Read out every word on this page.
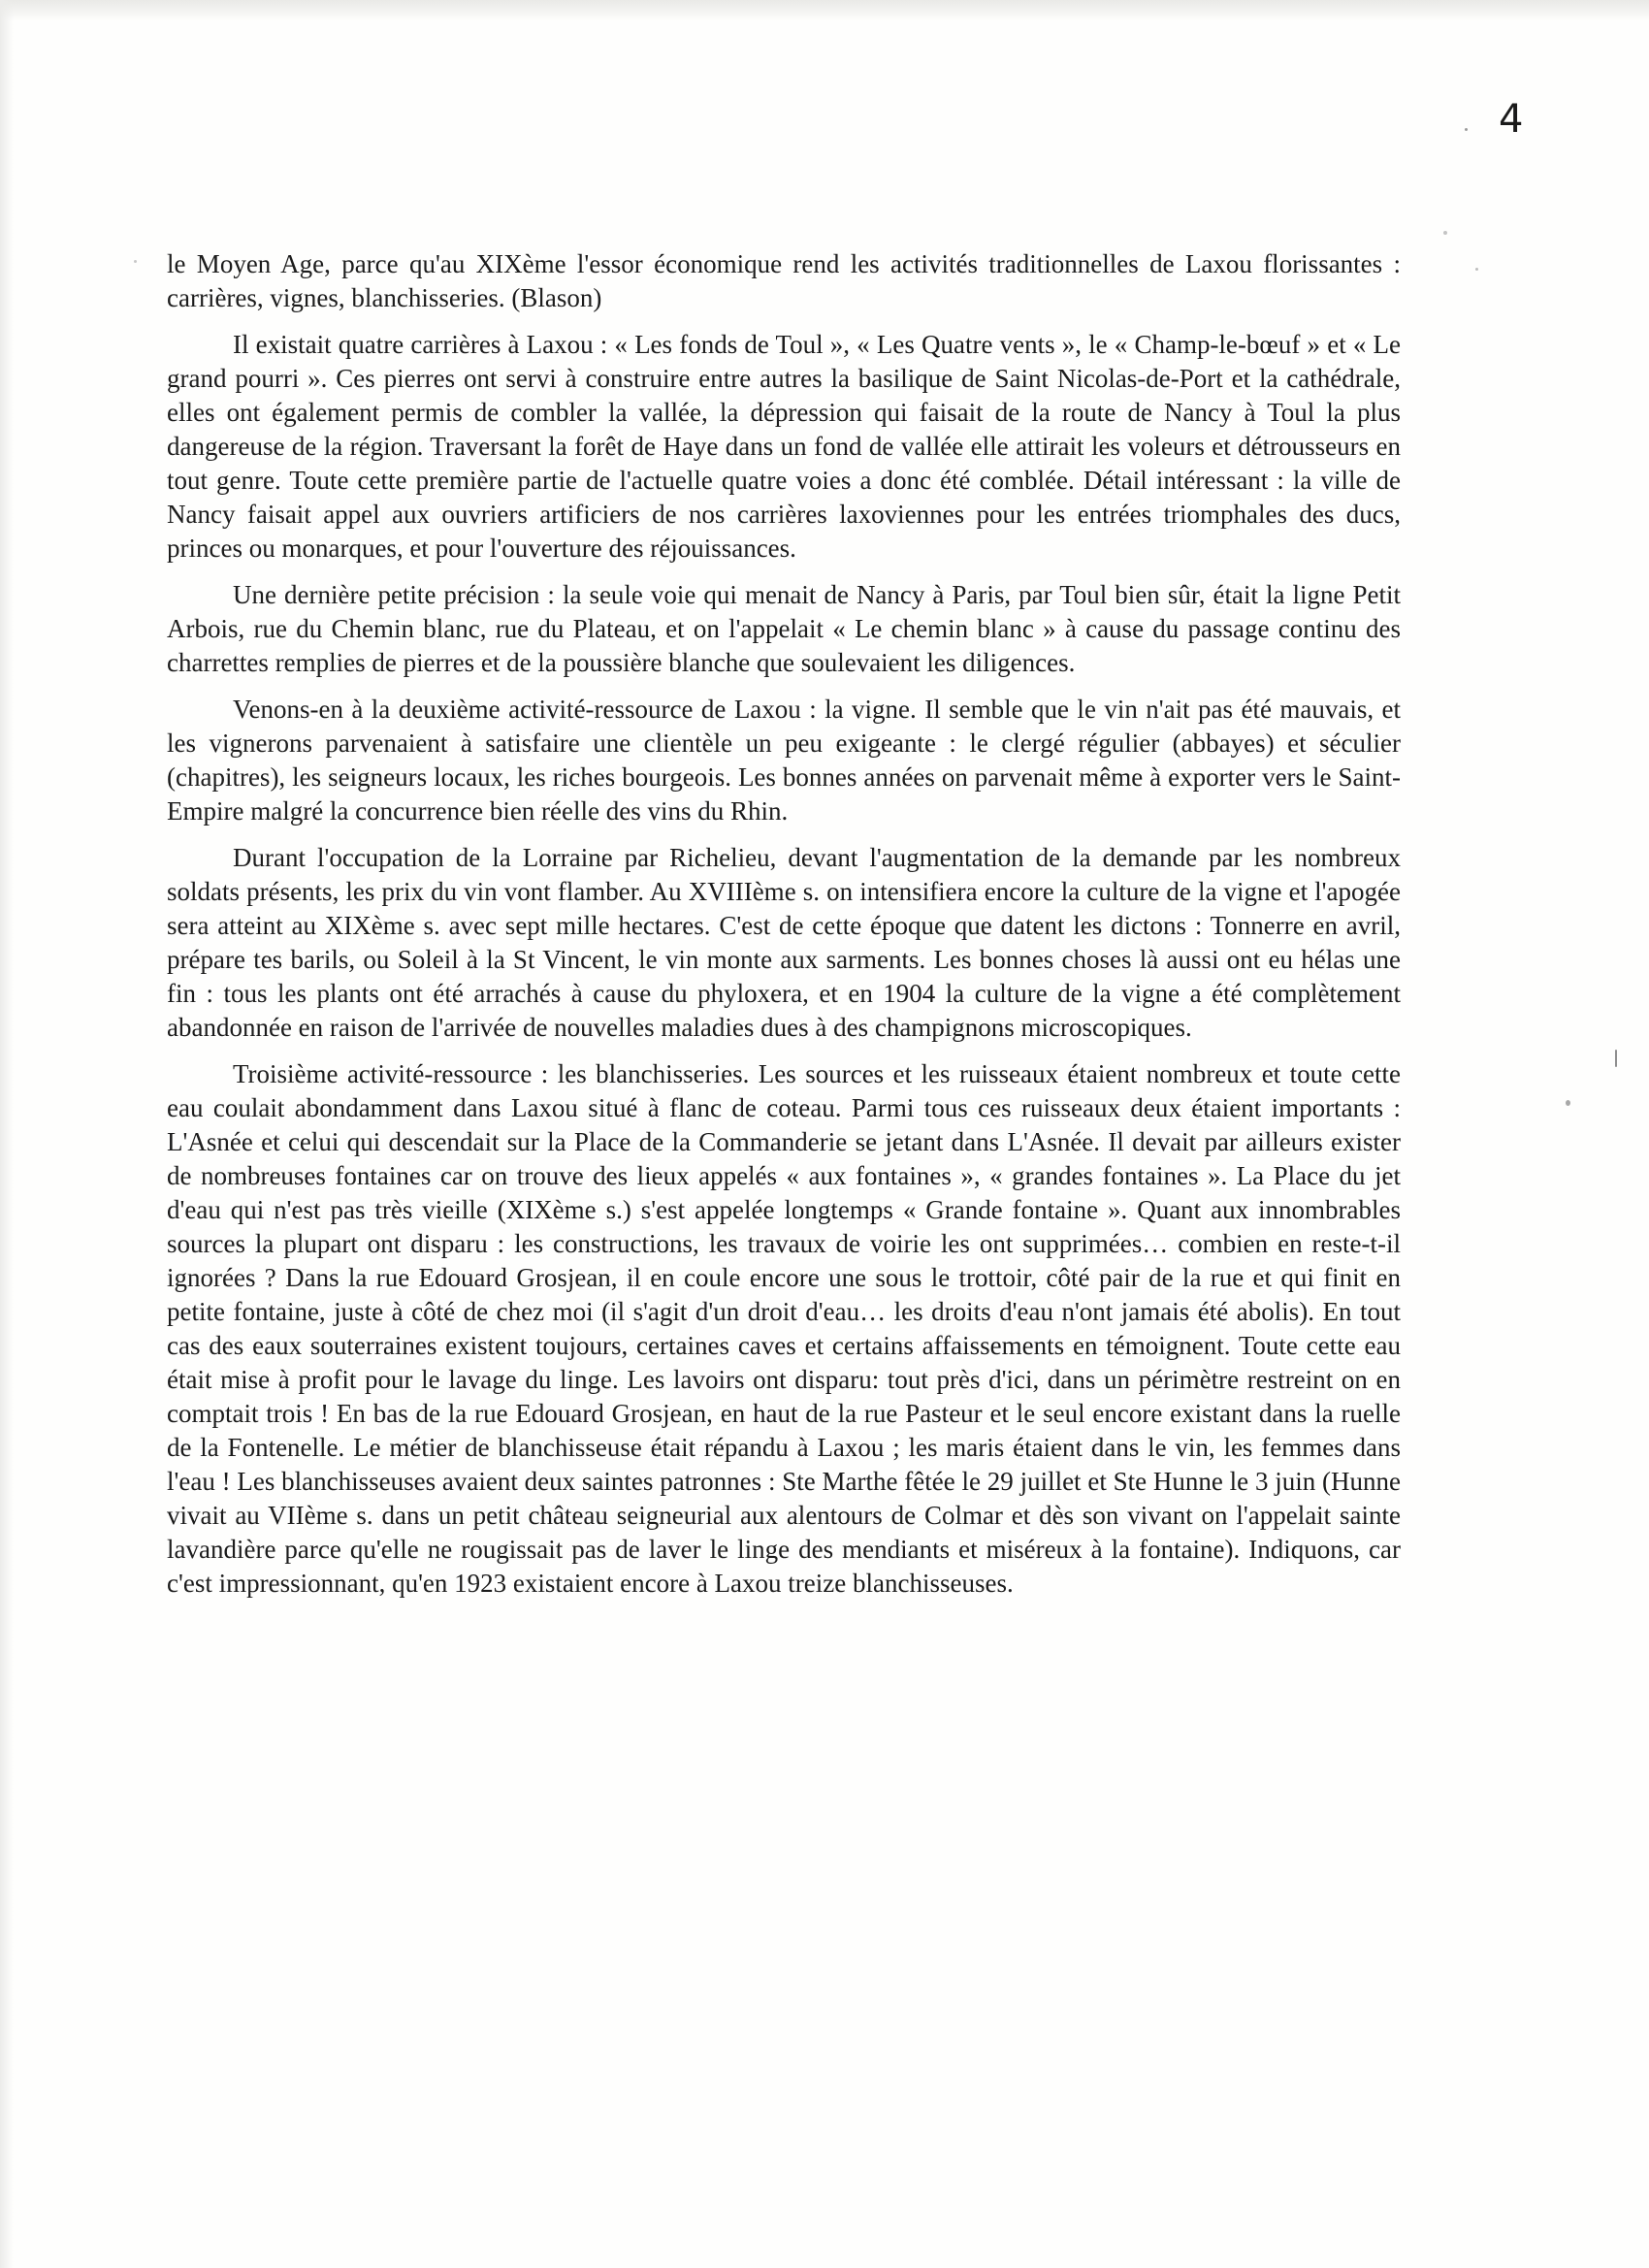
4

le Moyen Age, parce qu'au XIXème l'essor économique rend les activités traditionnelles de Laxou florissantes : carrières, vignes, blanchisseries. (Blason)

Il existait quatre carrières à Laxou : « Les fonds de Toul », « Les Quatre vents », le « Champ-le-bœuf » et « Le grand pourri ». Ces pierres ont servi à construire entre autres la basilique de Saint Nicolas-de-Port et la cathédrale, elles ont également permis de combler la vallée, la dépression qui faisait de la route de Nancy à Toul la plus dangereuse de la région. Traversant la forêt de Haye dans un fond de vallée elle attirait les voleurs et détrousseurs en tout genre. Toute cette première partie de l'actuelle quatre voies a donc été comblée. Détail intéressant : la ville de Nancy faisait appel aux ouvriers artificiers de nos carrières laxoviennes pour les entrées triomphales des ducs, princes ou monarques, et pour l'ouverture des réjouissances.

Une dernière petite précision : la seule voie qui menait de Nancy à Paris, par Toul bien sûr, était la ligne Petit Arbois, rue du Chemin blanc, rue du Plateau, et on l'appelait « Le chemin blanc » à cause du passage continu des charrettes remplies de pierres et de la poussière blanche que soulevaient les diligences.

Venons-en à la deuxième activité-ressource de Laxou : la vigne. Il semble que le vin n'ait pas été mauvais, et les vignerons parvenaient à satisfaire une clientèle un peu exigeante : le clergé régulier (abbayes) et séculier (chapitres), les seigneurs locaux, les riches bourgeois. Les bonnes années on parvenait même à exporter vers le Saint-Empire malgré la concurrence bien réelle des vins du Rhin.

Durant l'occupation de la Lorraine par Richelieu, devant l'augmentation de la demande par les nombreux soldats présents, les prix du vin vont flamber. Au XVIIIème s. on intensifiera encore la culture de la vigne et l'apogée sera atteint au XIXème s. avec sept mille hectares. C'est de cette époque que datent les dictons : Tonnerre en avril, prépare tes barils, ou Soleil à la St Vincent, le vin monte aux sarments. Les bonnes choses là aussi ont eu hélas une fin : tous les plants ont été arrachés à cause du phyloxera, et en 1904 la culture de la vigne a été complètement abandonnée en raison de l'arrivée de nouvelles maladies dues à des champignons microscopiques.

Troisième activité-ressource : les blanchisseries. Les sources et les ruisseaux étaient nombreux et toute cette eau coulait abondamment dans Laxou situé à flanc de coteau. Parmi tous ces ruisseaux deux étaient importants : L'Asnée et celui qui descendait sur la Place de la Commanderie se jetant dans L'Asnée. Il devait par ailleurs exister de nombreuses fontaines car on trouve des lieux appelés « aux fontaines », « grandes fontaines ». La Place du jet d'eau qui n'est pas très vieille (XIXème s.) s'est appelée longtemps « Grande fontaine ». Quant aux innombrables sources la plupart ont disparu : les constructions, les travaux de voirie les ont supprimées… combien en reste-t-il ignorées ? Dans la rue Edouard Grosjean, il en coule encore une sous le trottoir, côté pair de la rue et qui finit en petite fontaine, juste à côté de chez moi (il s'agit d'un droit d'eau… les droits d'eau n'ont jamais été abolis). En tout cas des eaux souterraines existent toujours, certaines caves et certains affaissements en témoignent. Toute cette eau était mise à profit pour le lavage du linge. Les lavoirs ont disparu: tout près d'ici, dans un périmètre restreint on en comptait trois ! En bas de la rue Edouard Grosjean, en haut de la rue Pasteur et le seul encore existant dans la ruelle de la Fontenelle. Le métier de blanchisseuse était répandu à Laxou ; les maris étaient dans le vin, les femmes dans l'eau ! Les blanchisseuses avaient deux saintes patronnes : Ste Marthe fêtée le 29 juillet et Ste Hunne le 3 juin (Hunne vivait au VIIème s. dans un petit château seigneurial aux alentours de Colmar et dès son vivant on l'appelait sainte lavandière parce qu'elle ne rougissait pas de laver le linge des mendiants et miséreux à la fontaine). Indiquons, car c'est impressionnant, qu'en 1923 existaient encore à Laxou treize blanchisseuses.
